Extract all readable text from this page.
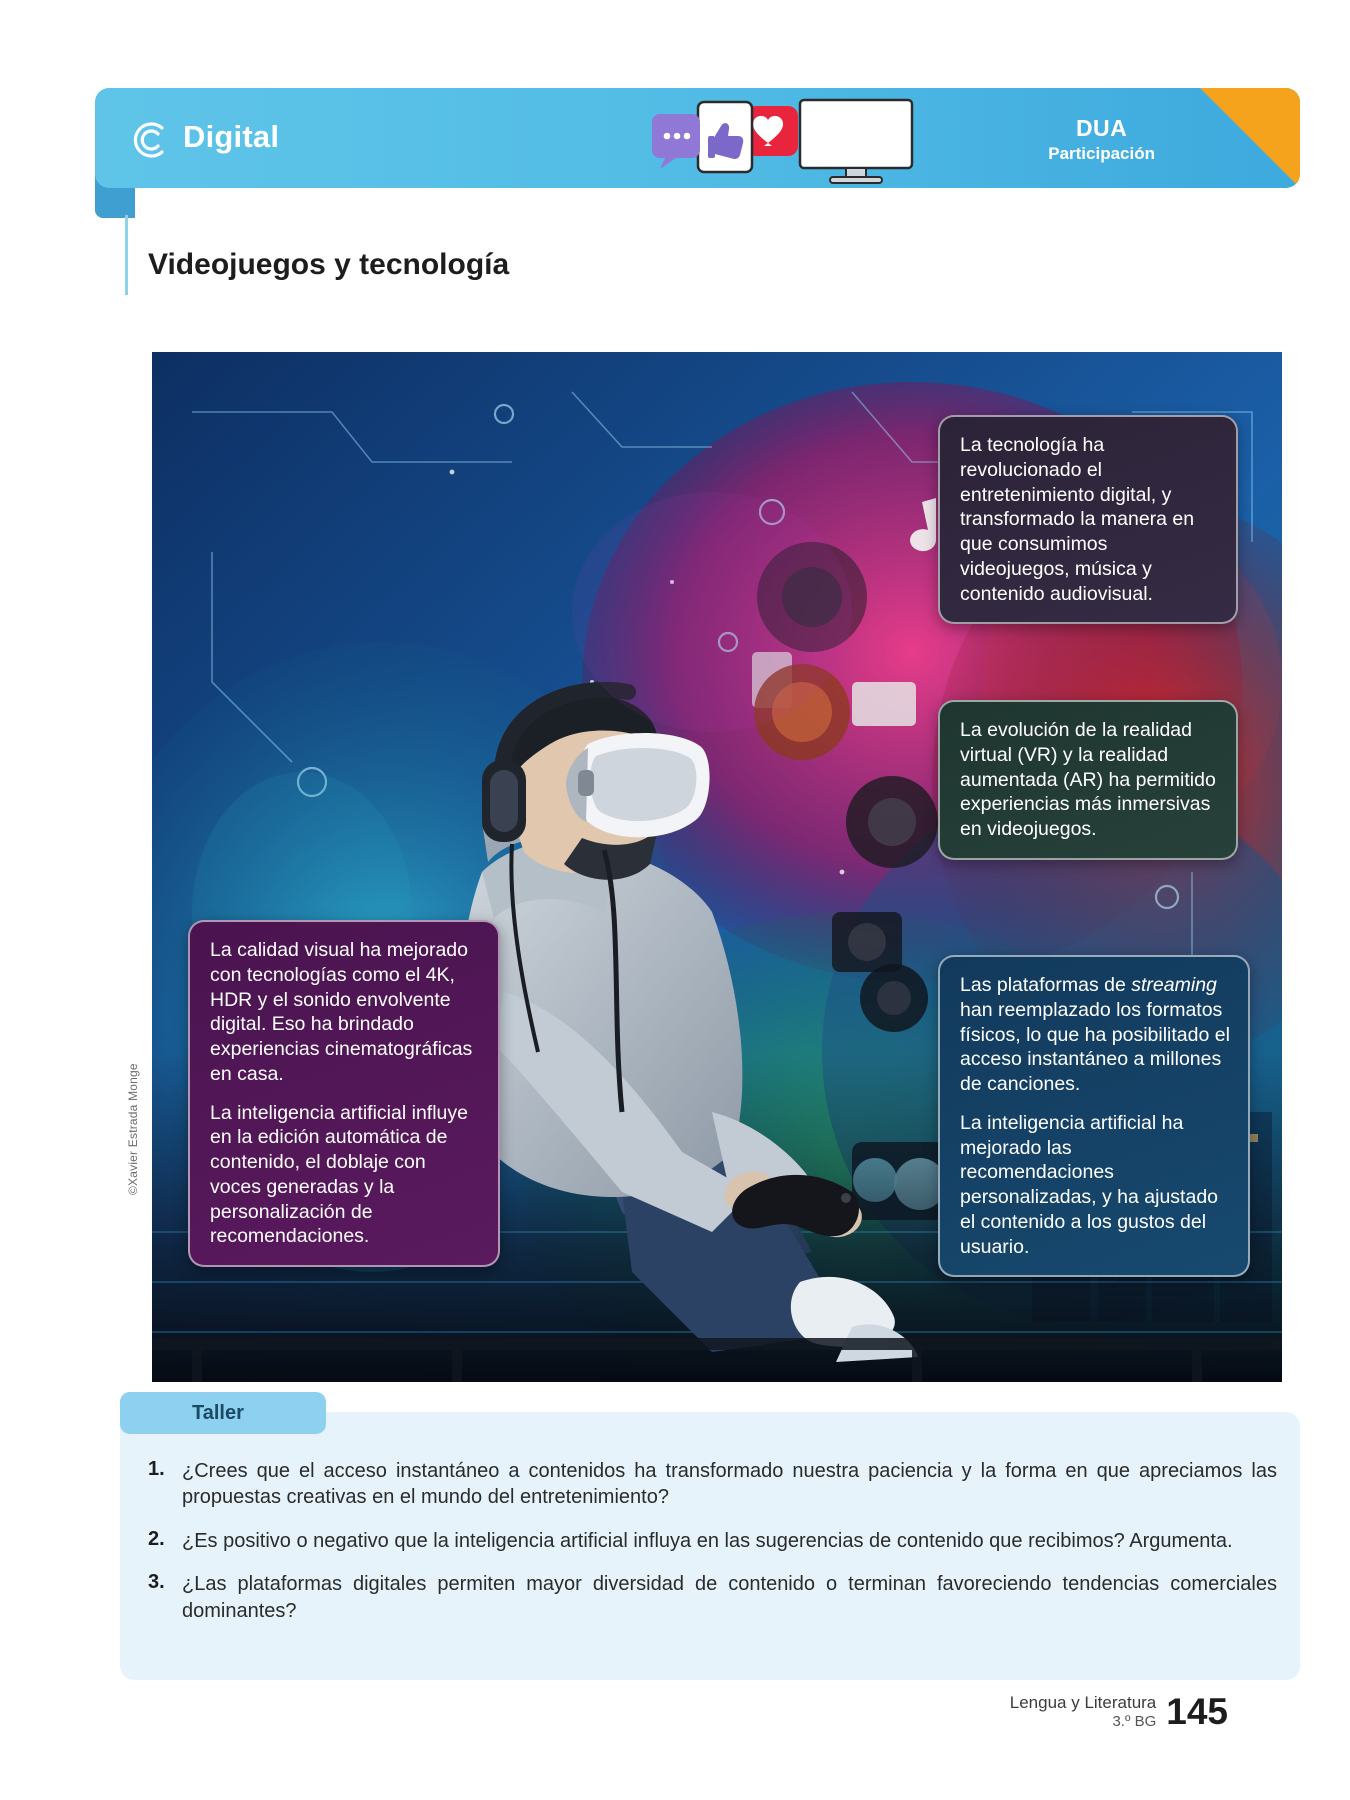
Digital	DUA
Participación
Videojuegos y tecnología
©Xavier Estrada Monge

La tecnología ha revolucionado el entretenimiento digital, y transformado la manera en que consumimos videojuegos, música y contenido audiovisual.

La evolución de la realidad virtual (VR) y la realidad aumentada (AR) ha permitido experiencias más inmersivas en videojuegos.

La calidad visual ha mejorado con tecnologías como el 4K, HDR y el sonido envolvente digital. Eso ha brindado experiencias cinematográficas en casa.

La inteligencia artificial influye en la edición automática de contenido, el doblaje con voces generadas y la personalización de recomendaciones.

Las plataformas de streaming han reemplazado los formatos físicos, lo que ha posibilitado el acceso instantáneo a millones de canciones.

La inteligencia artificial ha mejorado las recomendaciones personalizadas, y ha ajustado el contenido a los gustos del usuario.

Taller
1. ¿Crees que el acceso instantáneo a contenidos ha transformado nuestra paciencia y la forma en que apreciamos las propuestas creativas en el mundo del entretenimiento?
2. ¿Es positivo o negativo que la inteligencia artificial influya en las sugerencias de contenido que recibimos? Argumenta.
3. ¿Las plataformas digitales permiten mayor diversidad de contenido o terminan favoreciendo tendencias comerciales dominantes?
Lengua y Literatura
3.º BG 145
